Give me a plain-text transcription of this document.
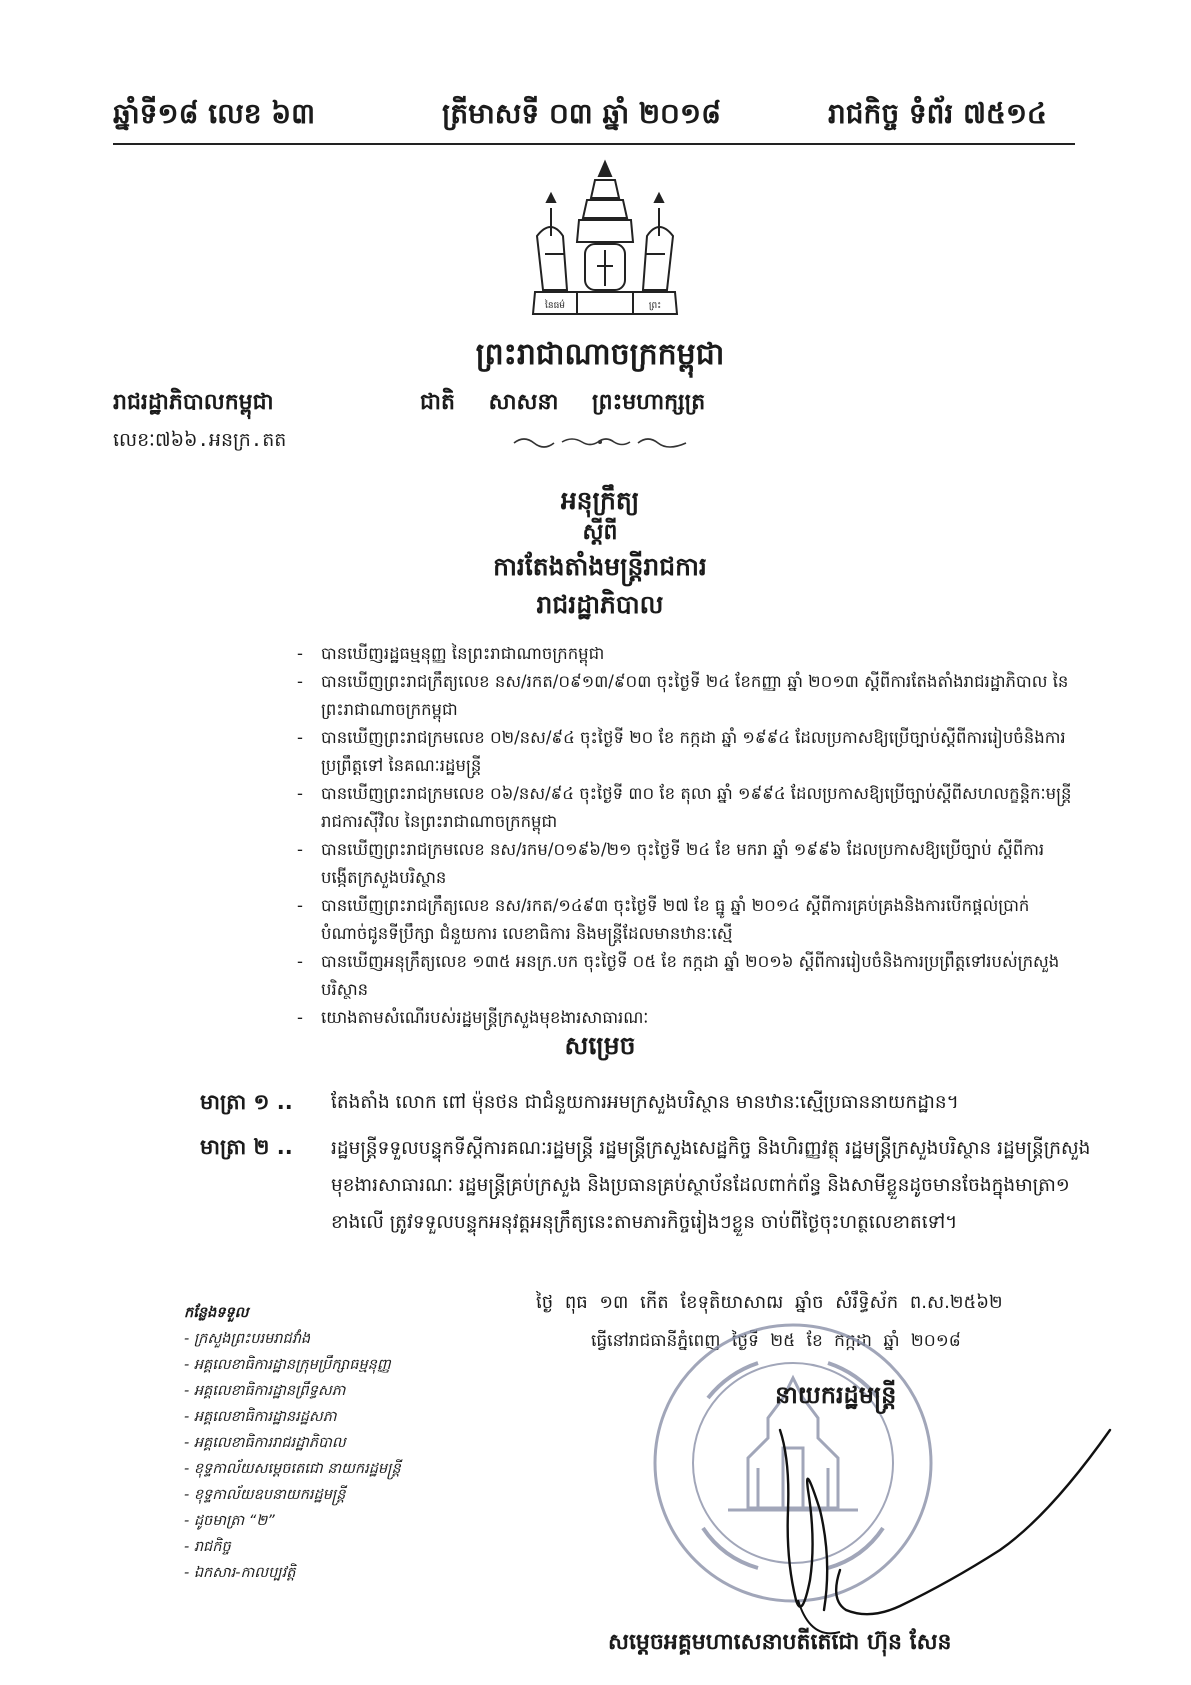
ឆ្នាំទី១៨ លេខ ៦៣	ត្រីមាសទី ០៣ ឆ្នាំ ២០១៨	រាជកិច្ច ទំព័រ ៧៥១៤
នៃធម៌	ព្រះ
ព្រះរាជាណាចក្រកម្ពុជា
រាជរដ្ឋាភិបាលកម្ពុជា	ជាតិ សាសនា ព្រះមហាក្សត្រ
លេខៈ៧៦៦.អនក្រ.តត
អនុក្រឹត្យ
ស្តីពី
ការតែងតាំងមន្ត្រីរាជការ
រាជរដ្ឋាភិបាល
- បានឃើញរដ្ឋធម្មនុញ្ញ នៃព្រះរាជាណាចក្រកម្ពុជា
- បានឃើញព្រះរាជក្រឹត្យលេខ នស/រកត/០៩១៣/៩០៣ ចុះថ្ងៃទី ២៤ ខែកញ្ញា ឆ្នាំ ២០១៣ ស្តីពីការតែងតាំងរាជរដ្ឋាភិបាល នៃព្រះរាជាណាចក្រកម្ពុជា
- បានឃើញព្រះរាជក្រមលេខ ០២/នស/៩៤ ចុះថ្ងៃទី ២០ ខែ កក្កដា ឆ្នាំ ១៩៩៤ ដែលប្រកាសឱ្យប្រើច្បាប់ស្តីពីការរៀបចំនិងការប្រព្រឹត្តទៅ នៃគណៈរដ្ឋមន្ត្រី
- បានឃើញព្រះរាជក្រមលេខ ០៦/នស/៩៤ ចុះថ្ងៃទី ៣០ ខែ តុលា ឆ្នាំ ១៩៩៤ ដែលប្រកាសឱ្យប្រើច្បាប់ស្តីពីសហលក្ខន្តិកៈមន្ត្រីរាជការស៊ីវិល នៃព្រះរាជាណាចក្រកម្ពុជា
- បានឃើញព្រះរាជក្រមលេខ នស/រកម/០១៩៦/២១ ចុះថ្ងៃទី ២៤ ខែ មករា ឆ្នាំ ១៩៩៦ ដែលប្រកាសឱ្យប្រើច្បាប់ ស្តីពីការបង្កើតក្រសួងបរិស្ថាន
- បានឃើញព្រះរាជក្រឹត្យលេខ នស/រកត/១៤៩៣ ចុះថ្ងៃទី ២៧ ខែ ធ្នូ ឆ្នាំ ២០១៤ ស្តីពីការគ្រប់គ្រងនិងការបើកផ្តល់ប្រាក់បំណាច់ជូនទីប្រឹក្សា ជំនួយការ លេខាធិការ និងមន្ត្រីដែលមានឋានៈស្មើ
- បានឃើញអនុក្រឹត្យលេខ ១៣៥ អនក្រ.បក ចុះថ្ងៃទី ០៥ ខែ កក្កដា ឆ្នាំ ២០១៦ ស្តីពីការរៀបចំនិងការប្រព្រឹត្តទៅរបស់ក្រសួងបរិស្ថាន
- យោងតាមសំណើរបស់រដ្ឋមន្ត្រីក្រសួងមុខងារសាធារណៈ
សម្រេច
មាត្រា ១ .. តែងតាំង លោក ពៅ ម៉ុនថន ជាជំនួយការអមក្រសួងបរិស្ថាន មានឋានៈស្មើប្រធាននាយកដ្ឋាន។
មាត្រា ២ .. រដ្ឋមន្ត្រីទទួលបន្ទុកទីស្តីការគណៈរដ្ឋមន្ត្រី រដ្ឋមន្ត្រីក្រសួងសេដ្ឋកិច្ច និងហិរញ្ញវត្ថុ រដ្ឋមន្ត្រីក្រសួងបរិស្ថាន រដ្ឋមន្ត្រីក្រសួងមុខងារសាធារណៈ រដ្ឋមន្ត្រីគ្រប់ក្រសួង និងប្រធានគ្រប់ស្ថាប័នដែលពាក់ព័ន្ធ និងសាមីខ្លួនដូចមានចែងក្នុងមាត្រា១ ខាងលើ ត្រូវទទួលបន្ទុកអនុវត្តអនុក្រឹត្យនេះតាមភារកិច្ចរៀងៗខ្លួន ចាប់ពីថ្ងៃចុះហត្ថលេខាតទៅ។
ថ្ងៃ ពុធ ១៣ កើត ខែទុតិយាសាឍ ឆ្នាំច សំរឹទ្ធិស័ក ព.ស.២៥៦២
ធ្វើនៅរាជធានីភ្នំពេញ ថ្ងៃទី ២៥ ខែ កក្កដា ឆ្នាំ ២០១៨
កន្លែងទទួល
- ក្រសួងព្រះបរមរាជវាំង
- អគ្គលេខាធិការដ្ឋានក្រុមប្រឹក្សាធម្មនុញ្ញ
- អគ្គលេខាធិការដ្ឋានព្រឹទ្ធសភា
- អគ្គលេខាធិការដ្ឋានរដ្ឋសភា
- អគ្គលេខាធិការរាជរដ្ឋាភិបាល
- ខុទ្ទកាល័យសម្តេចតេជោ នាយករដ្ឋមន្ត្រី
- ខុទ្ទកាល័យឧបនាយករដ្ឋមន្ត្រី
- ដូចមាត្រា “២”
- រាជកិច្ច
- ឯកសារ-កាលប្បវត្តិ
នាយករដ្ឋមន្ត្រី
សម្តេចអគ្គមហាសេនាបតីតេជោ ហ៊ុន សែន
